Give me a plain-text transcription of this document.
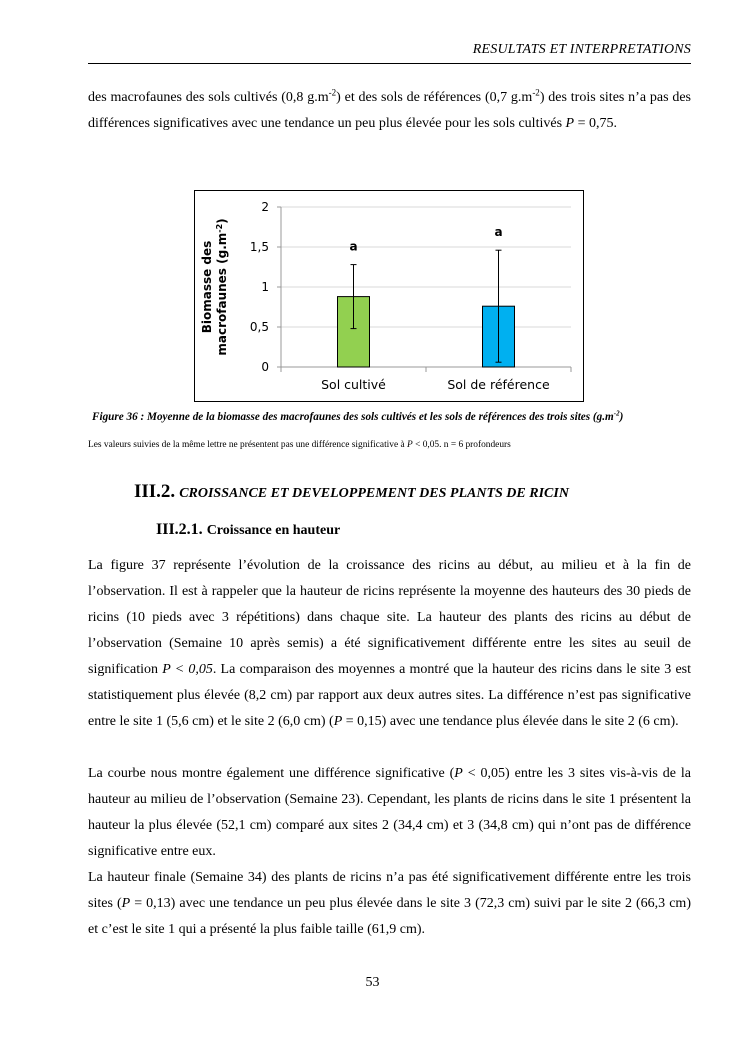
RESULTATS ET INTERPRETATIONS

des macrofaunes des sols cultivés (0,8 $g.m^{-2}$) et des sols de références (0,7 $g.m^{-2}$) des trois sites n’a pas des différences significatives avec une tendance un peu plus élevée pour les sols cultivés P = 0,75.

0
0,5
1
1,5
2
a
a
Sol cultivé	Sol de référence
Biomasse des macrofaunes $(g.m^{-2})$
Figure 36 : Moyenne de la biomasse des macrofaunes des sols cultivés et les sols de références des trois sites $(g.m^{-2})$
Les valeurs suivies de la même lettre ne présentent pas une différence significative à P < 0,05. n = 6 profondeurs
III.2. CROISSANCE ET DEVELOPPEMENT DES PLANTS DE RICIN
III.2.1. Croissance en hauteur

La figure 37 représente l’évolution de la croissance des ricins au début, au milieu et à la fin de l’observation. Il est à rappeler que la hauteur de ricins représente la moyenne des hauteurs des 30 pieds de ricins (10 pieds avec 3 répétitions) dans chaque site. La hauteur des plants des ricins au début de l’observation (Semaine 10 après semis) a été significativement différente entre les sites au seuil de signification P < 0,05. La comparaison des moyennes a montré que la hauteur des ricins dans le site 3 est statistiquement plus élevée (8,2 cm) par rapport aux deux autres sites. La différence n’est pas significative entre le site 1 (5,6 cm) et le site 2 (6,0 cm) (P = 0,15) avec une tendance plus élevée dans le site 2 (6 cm).

La courbe nous montre également une différence significative (P < 0,05) entre les 3 sites vis-à-vis de la hauteur au milieu de l’observation (Semaine 23). Cependant, les plants de ricins dans le site 1 présentent la hauteur la plus élevée (52,1 cm) comparé aux sites 2 (34,4 cm) et 3 (34,8 cm) qui n’ont pas de différence significative entre eux.

La hauteur finale (Semaine 34) des plants de ricins n’a pas été significativement différente entre les trois sites (P = 0,13) avec une tendance un peu plus élevée dans le site 3 (72,3 cm) suivi par le site 2 (66,3 cm) et c’est le site 1 qui a présenté la plus faible taille (61,9 cm).

53
